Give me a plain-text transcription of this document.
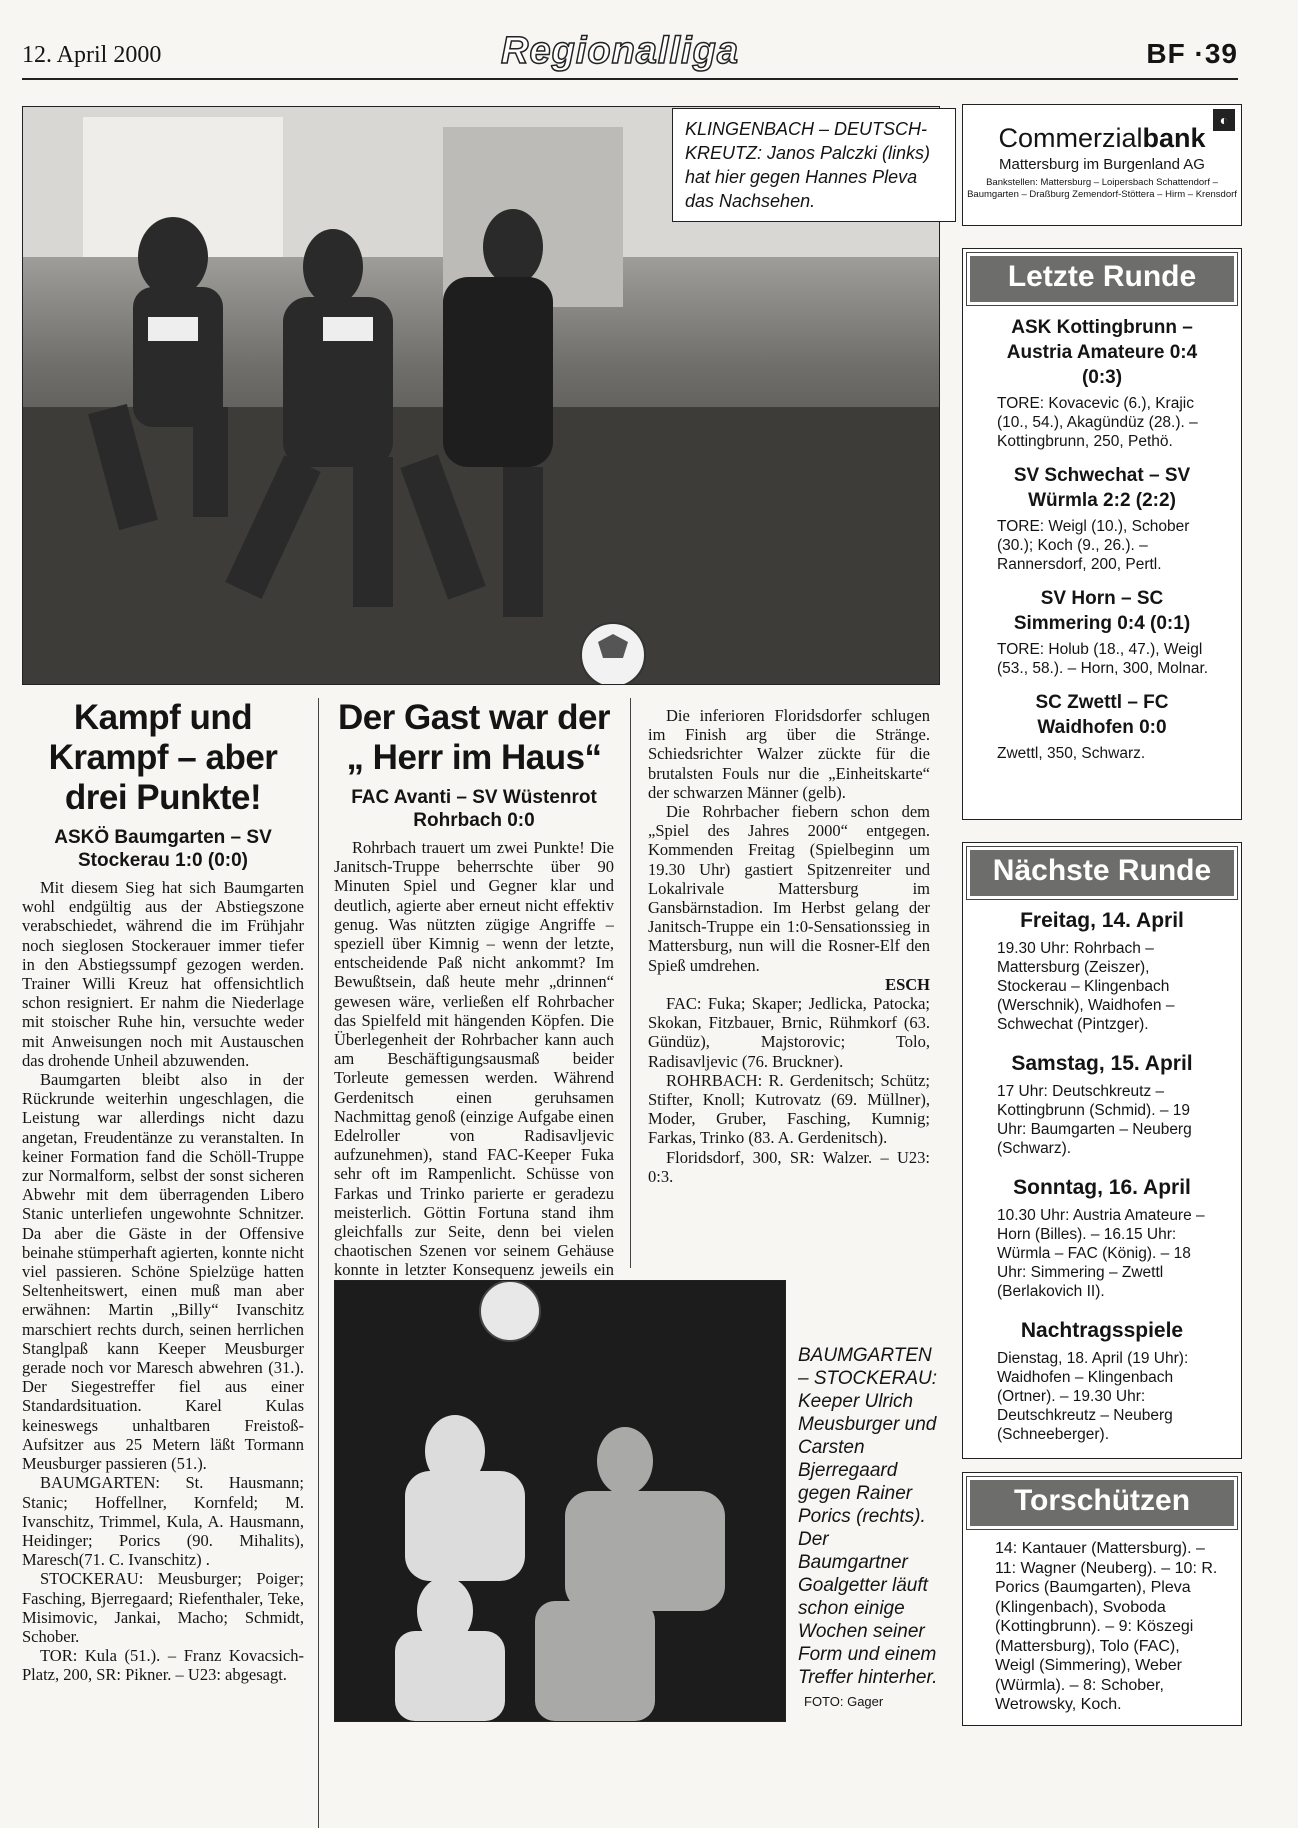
12. April 2000	Regionalliga	BF ·39
KLINGENBACH – DEUTSCH-KREUTZ: Janos Palczki (links) hat hier gegen Hannes Pleva das Nachsehen.
Kampf und Krampf – aber drei Punkte!
ASKÖ Baumgarten – SV Stockerau 1:0 (0:0)

Mit diesem Sieg hat sich Baumgarten wohl endgültig aus der Abstiegszone verabschiedet, während die im Frühjahr noch sieglosen Stockerauer immer tiefer in den Abstiegssumpf gezogen werden. Trainer Willi Kreuz hat offensichtlich schon resigniert. Er nahm die Niederlage mit stoischer Ruhe hin, versuchte weder mit Anweisungen noch mit Austauschen das drohende Unheil abzuwenden.

Baumgarten bleibt also in der Rückrunde weiterhin ungeschlagen, die Leistung war allerdings nicht dazu angetan, Freudentänze zu veranstalten. In keiner Formation fand die Schöll-Truppe zur Normalform, selbst der sonst sicheren Abwehr mit dem überragenden Libero Stanic unterliefen ungewohnte Schnitzer. Da aber die Gäste in der Offensive beinahe stümperhaft agierten, konnte nicht viel passieren. Schöne Spielzüge hatten Seltenheitswert, einen muß man aber erwähnen: Martin „Billy“ Ivanschitz marschiert rechts durch, seinen herrlichen Stanglpaß kann Keeper Meusburger gerade noch vor Maresch abwehren (31.). Der Siegestreffer fiel aus einer Standardsituation. Karel Kulas keineswegs unhaltbaren Freistoß-Aufsitzer aus 25 Metern läßt Tormann Meusburger passieren (51.).

BAUMGARTEN: St. Hausmann; Stanic; Hoffellner, Kornfeld; M. Ivanschitz, Trimmel, Kula, A. Hausmann, Heidinger; Porics (90. Mihalits), Maresch(71. C. Ivanschitz) .

STOCKERAU: Meusburger; Poiger; Fasching, Bjerregaard; Riefenthaler, Teke, Misimovic, Jankai, Macho; Schmidt, Schober.

TOR: Kula (51.). – Franz Kovacsich-Platz, 200, SR: Pikner. – U23: abgesagt.

Der Gast war der „ Herr im Haus“
FAC Avanti – SV Wüstenrot Rohrbach 0:0

Rohrbach trauert um zwei Punkte! Die Janitsch-Truppe beherrschte über 90 Minuten Spiel und Gegner klar und deutlich, agierte aber erneut nicht effektiv genug. Was nützten zügige Angriffe – speziell über Kimnig – wenn der letzte, entscheidende Paß nicht ankommt? Im Bewußtsein, daß heute mehr „drinnen“ gewesen wäre, verließen elf Rohrbacher das Spielfeld mit hängenden Köpfen. Die Überlegenheit der Rohrbacher kann auch am Beschäftigungsausmaß beider Torleute gemessen werden. Während Gerdenitsch einen geruhsamen Nachmittag genoß (einzige Aufgabe einen Edelroller von Radisavljevic aufzunehmen), stand FAC-Keeper Fuka sehr oft im Rampenlicht. Schüsse von Farkas und Trinko parierte er geradezu meisterlich. Göttin Fortuna stand ihm gleichfalls zur Seite, denn bei vielen chaotischen Szenen vor seinem Gehäuse konnte in letzter Konsequenz jeweils ein

Die inferioren Floridsdorfer schlugen im Finish arg über die Stränge. Schiedsrichter Walzer zückte für die brutalsten Fouls nur die „Einheitskarte“ der schwarzen Männer (gelb).

Die Rohrbacher fiebern schon dem „Spiel des Jahres 2000“ entgegen. Kommenden Freitag (Spielbeginn um 19.30 Uhr) gastiert Spitzenreiter und Lokalrivale Mattersburg im Gansbärnstadion. Im Herbst gelang der Janitsch-Truppe ein 1:0-Sensationssieg in Mattersburg, nun will die Rosner-Elf den Spieß umdrehen.

ESCH

FAC: Fuka; Skaper; Jedlicka, Patocka; Skokan, Fitzbauer, Brnic, Rühmkorf (63. Gündüz), Majstorovic; Tolo, Radisavljevic (76. Bruckner).

ROHRBACH: R. Gerdenitsch; Schütz; Stifter, Knoll; Kutrovatz (69. Müllner), Moder, Gruber, Fasching, Kumnig; Farkas, Trinko (83. A. Gerdenitsch).

Floridsdorf, 300, SR: Walzer. – U23: 0:3.

BAUMGARTEN – STOCKERAU: Keeper Ulrich Meusburger und Carsten Bjerregaard gegen Rainer Porics (rechts). Der Baumgartner Goalgetter läuft schon einige Wochen seiner Form und einem Treffer hinterher. FOTO: Gager
◐
Commerzialbank
Mattersburg im Burgenland AG
Bankstellen: Mattersburg – Loipersbach Schattendorf – Baumgarten – Draßburg Zemendorf-Stöttera – Hirm – Krensdorf
Letzte Runde
ASK Kottingbrunn – Austria Amateure 0:4 (0:3)
TORE: Kovacevic (6.), Krajic (10., 54.), Akagündüz (28.). – Kottingbrunn, 250, Pethö.
SV Schwechat – SV Würmla 2:2 (2:2)
TORE: Weigl (10.), Schober (30.); Koch (9., 26.). – Rannersdorf, 200, Pertl.
SV Horn – SC Simmering 0:4 (0:1)
TORE: Holub (18., 47.), Weigl (53., 58.). – Horn, 300, Molnar.
SC Zwettl – FC Waidhofen 0:0
Zwettl, 350, Schwarz.
Nächste Runde
Freitag, 14. April
19.30 Uhr: Rohrbach – Mattersburg (Zeiszer), Stockerau – Klingenbach (Werschnik), Waidhofen – Schwechat (Pintzger).
Samstag, 15. April
17 Uhr: Deutschkreutz – Kottingbrunn (Schmid). – 19 Uhr: Baumgarten – Neuberg (Schwarz).
Sonntag, 16. April
10.30 Uhr: Austria Amateure – Horn (Billes). – 16.15 Uhr: Würmla – FAC (König). – 18 Uhr: Simmering – Zwettl (Berlakovich II).
Nachtragsspiele
Dienstag, 18. April (19 Uhr): Waidhofen – Klingenbach (Ortner). – 19.30 Uhr: Deutschkreutz – Neuberg (Schneeberger).
Torschützen
14: Kantauer (Mattersburg). – 11: Wagner (Neuberg). – 10: R. Porics (Baumgarten), Pleva (Klingenbach), Svoboda (Kottingbrunn). – 9: Köszegi (Mattersburg), Tolo (FAC), Weigl (Simmering), Weber (Würmla). – 8: Schober, Wetrowsky, Koch.
